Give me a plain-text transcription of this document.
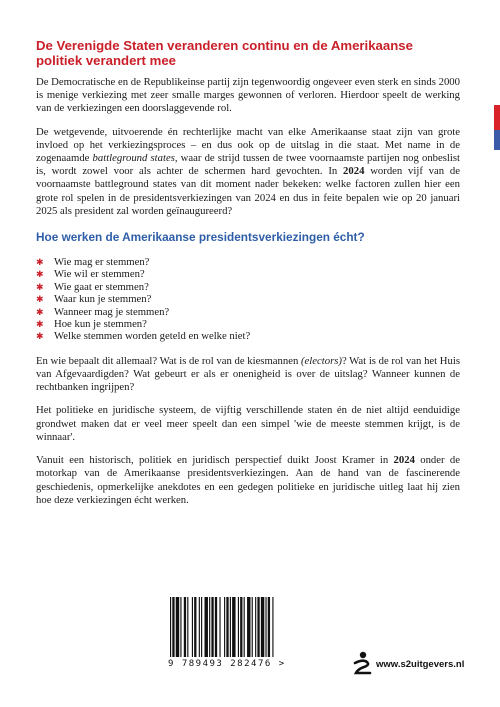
De Verenigde Staten veranderen continu en de Amerikaanse politiek verandert mee

De Democratische en de Republikeinse partij zijn tegenwoordig ongeveer even sterk en sinds 2000 is menige verkiezing met zeer smalle marges gewonnen of verloren. Hierdoor speelt de werking van de verkiezingen een doorslaggevende rol.

De wetgevende, uitvoerende én rechterlijke macht van elke Amerikaanse staat zijn van grote invloed op het verkiezingsproces – en dus ook op de uitslag in die staat. Met name in de zogenaamde battleground states, waar de strijd tussen de twee voornaamste partijen nog onbeslist is, wordt zowel voor als achter de schermen hard gevochten. In 2024 worden vijf van de voornaamste battleground states van dit moment nader bekeken: welke factoren zullen hier een grote rol spelen in de presidentsverkiezingen van 2024 en dus in feite bepalen wie op 20 januari 2025 als president zal worden geïnaugureerd?

Hoe werken de Amerikaanse presidentsverkiezingen écht?
✱ Wie mag er stemmen?
✱ Wie wil er stemmen?
✱ Wie gaat er stemmen?
✱ Waar kun je stemmen?
✱ Wanneer mag je stemmen?
✱ Hoe kun je stemmen?
✱ Welke stemmen worden geteld en welke niet?

En wie bepaalt dit allemaal? Wat is de rol van de kiesmannen (electors)? Wat is de rol van het Huis van Afgevaardigden? Wat gebeurt er als er onenigheid is over de uitslag? Wanneer kunnen de rechtbanken ingrijpen?

Het politieke en juridische systeem, de vijftig verschillende staten én de niet altijd eenduidige grondwet maken dat er veel meer speelt dan een simpel 'wie de meeste stemmen krijgt, is de winnaar'.

Vanuit een historisch, politiek en juridisch perspectief duikt Joost Kramer in 2024 onder de motorkap van de Amerikaanse presidentsverkiezingen. Aan de hand van de fascinerende geschiedenis, opmerkelijke anekdotes en een gedegen politieke en juridische uitleg laat hij zien hoe deze verkiezingen écht werken.

9 789493 282476 >	www.s2uitgevers.nl
